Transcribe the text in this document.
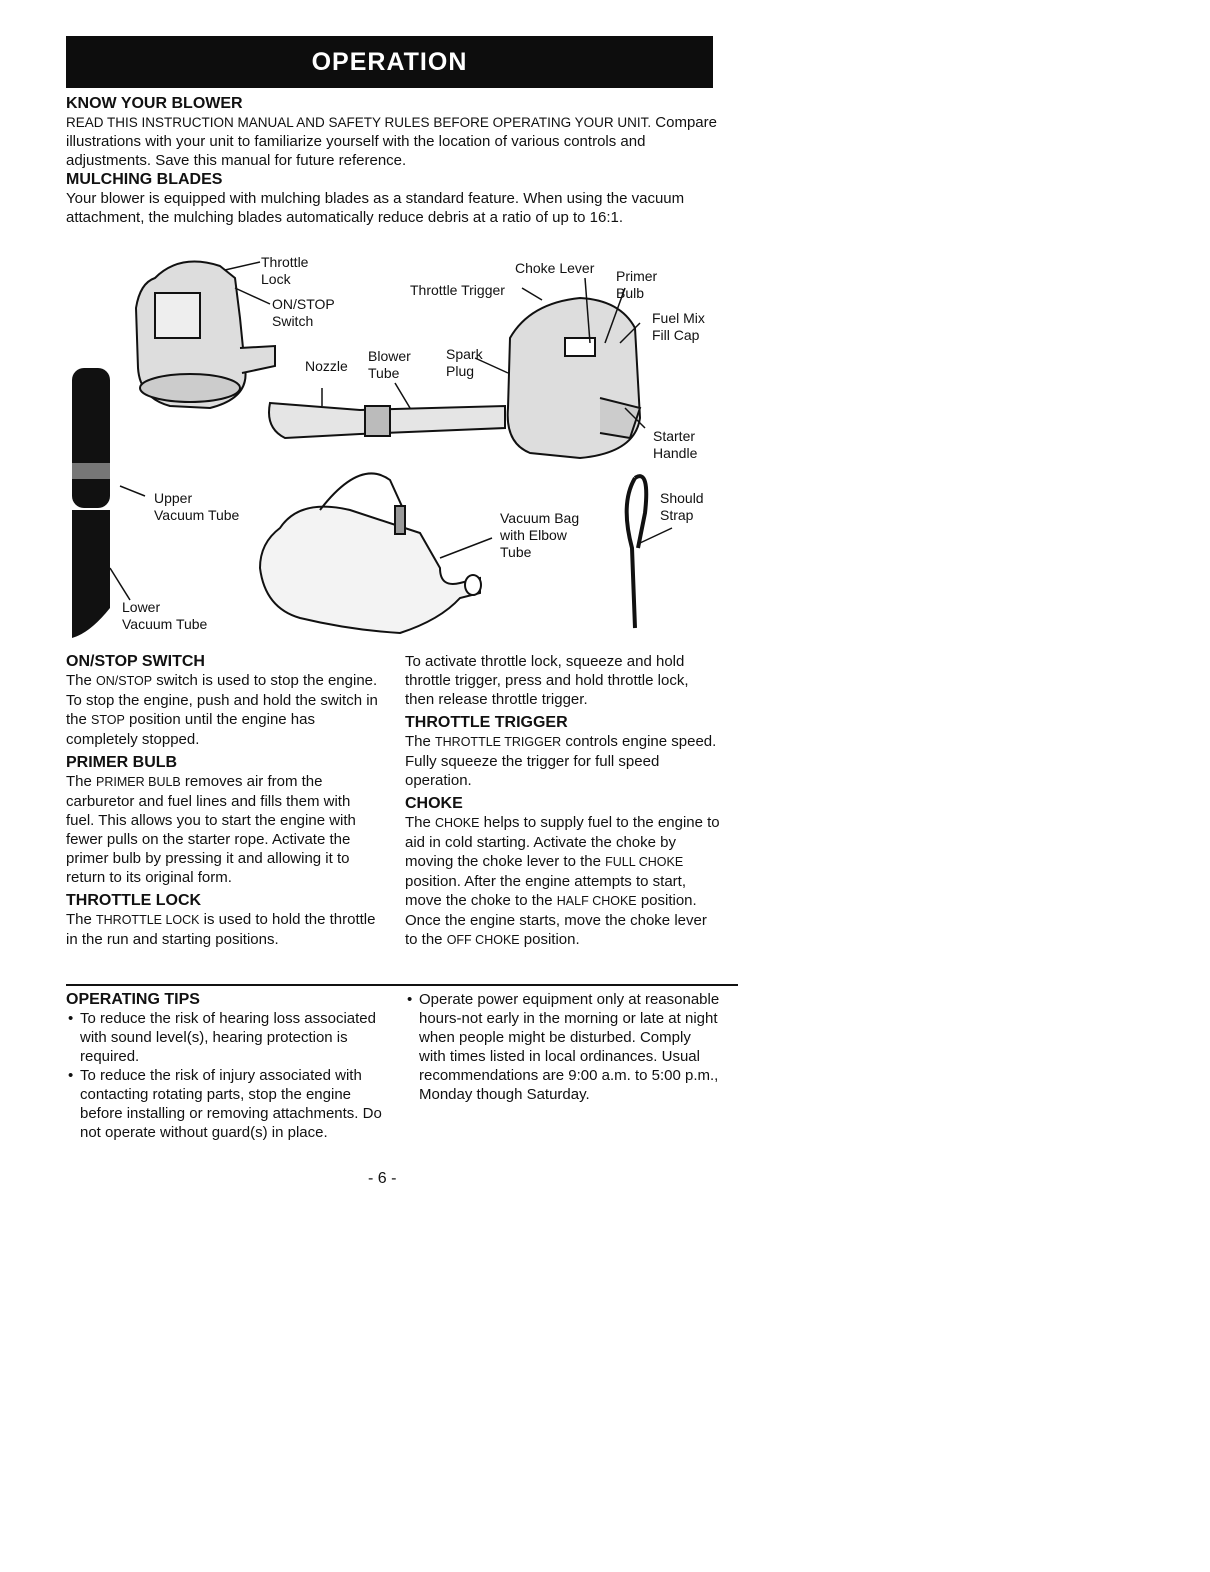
OPERATION
KNOW YOUR BLOWER

READ THIS INSTRUCTION MANUAL AND SAFETY RULES BEFORE OPERATING YOUR UNIT. Compare illustrations with your unit to familiarize yourself with the location of various controls and adjustments. Save this manual for future reference.

MULCHING BLADES

Your blower is equipped with mulching blades as a standard feature. When using the vacuum attachment, the mulching blades automatically reduce debris at a ratio of up to 16:1.

Throttle
Lock
ON/STOP
Switch
Nozzle
Blower
Tube
Spark
Plug
Throttle Trigger
Choke Lever Primer
Bulb
Fuel Mix
Fill Cap
Starter
Handle
Upper
Vacuum Tube
Lower
Vacuum Tube
Vacuum Bag
with Elbow
Tube
Should
Strap
ON/STOP SWITCH

The ON/STOP switch is used to stop the engine. To stop the engine, push and hold the switch in the STOP position until the engine has completely stopped.

PRIMER BULB

The PRIMER BULB removes air from the carburetor and fuel lines and fills them with fuel. This allows you to start the engine with fewer pulls on the starter rope. Activate the primer bulb by pressing it and allowing it to return to its original form.

THROTTLE LOCK

The THROTTLE LOCK is used to hold the throttle in the run and starting positions.

To activate throttle lock, squeeze and hold throttle trigger, press and hold throttle lock, then release throttle trigger.

THROTTLE TRIGGER

The THROTTLE TRIGGER controls engine speed. Fully squeeze the trigger for full speed operation.

CHOKE

The CHOKE helps to supply fuel to the engine to aid in cold starting. Activate the choke by moving the choke lever to the FULL CHOKE position. After the engine attempts to start, move the choke to the HALF CHOKE position. Once the engine starts, move the choke lever to the OFF CHOKE position.

OPERATING TIPS
• To reduce the risk of hearing loss associated with sound level(s), hearing protection is required.
• To reduce the risk of injury associated with contacting rotating parts, stop the engine before installing or removing attachments. Do not operate without guard(s) in place.
• Operate power equipment only at reasonable hours-not early in the morning or late at night when people might be disturbed. Comply with times listed in local ordinances. Usual recommendations are 9:00 a.m. to 5:00 p.m., Monday though Saturday.
- 6 -
